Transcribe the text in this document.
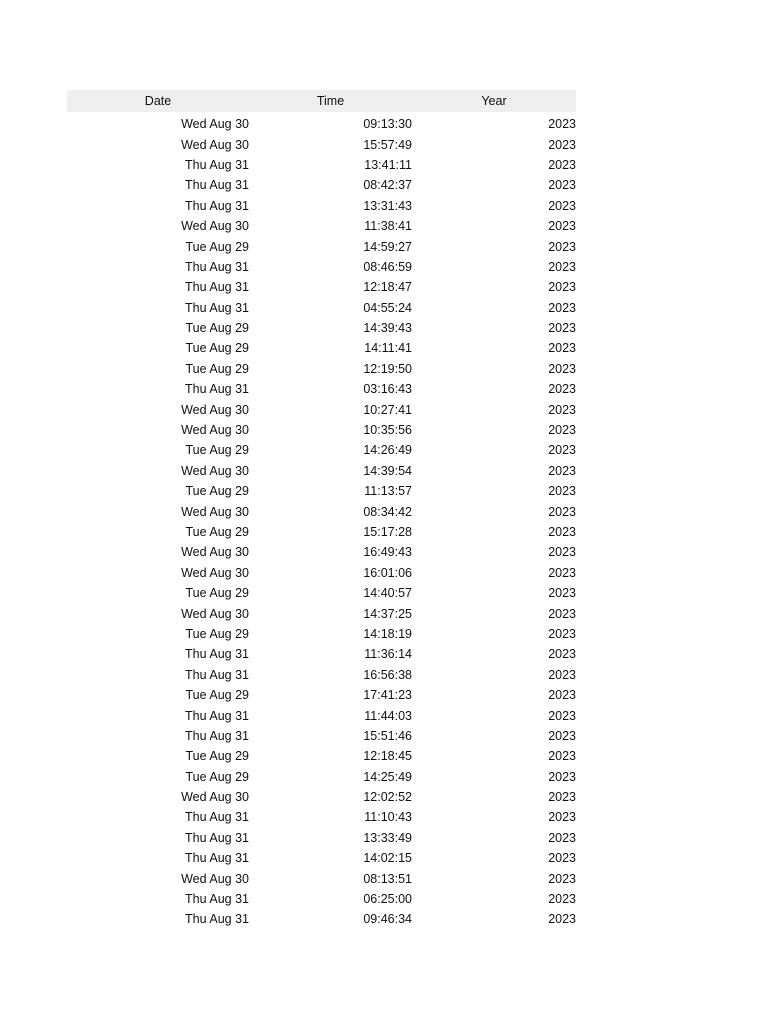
Date	Time	Year
Wed Aug 30	09:13:30	2023
Wed Aug 30	15:57:49	2023
Thu Aug 31	13:41:11	2023
Thu Aug 31	08:42:37	2023
Thu Aug 31	13:31:43	2023
Wed Aug 30	11:38:41	2023
Tue Aug 29	14:59:27	2023
Thu Aug 31	08:46:59	2023
Thu Aug 31	12:18:47	2023
Thu Aug 31	04:55:24	2023
Tue Aug 29	14:39:43	2023
Tue Aug 29	14:11:41	2023
Tue Aug 29	12:19:50	2023
Thu Aug 31	03:16:43	2023
Wed Aug 30	10:27:41	2023
Wed Aug 30	10:35:56	2023
Tue Aug 29	14:26:49	2023
Wed Aug 30	14:39:54	2023
Tue Aug 29	11:13:57	2023
Wed Aug 30	08:34:42	2023
Tue Aug 29	15:17:28	2023
Wed Aug 30	16:49:43	2023
Wed Aug 30	16:01:06	2023
Tue Aug 29	14:40:57	2023
Wed Aug 30	14:37:25	2023
Tue Aug 29	14:18:19	2023
Thu Aug 31	11:36:14	2023
Thu Aug 31	16:56:38	2023
Tue Aug 29	17:41:23	2023
Thu Aug 31	11:44:03	2023
Thu Aug 31	15:51:46	2023
Tue Aug 29	12:18:45	2023
Tue Aug 29	14:25:49	2023
Wed Aug 30	12:02:52	2023
Thu Aug 31	11:10:43	2023
Thu Aug 31	13:33:49	2023
Thu Aug 31	14:02:15	2023
Wed Aug 30	08:13:51	2023
Thu Aug 31	06:25:00	2023
Thu Aug 31	09:46:34	2023
